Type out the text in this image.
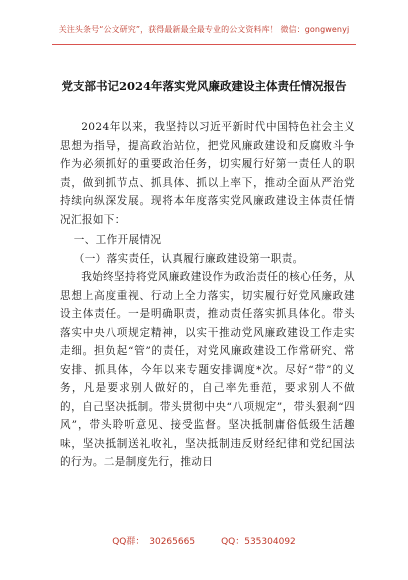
关注头条号“公文研究”，获得最新最全最专业的公文资料库！ 微信：gongwenyj
党支部书记2024年落实党风廉政建设主体责任情况报告

2024年以来，我坚持以习近平新时代中国特色社会主义思想为指导，提高政治站位，把党风廉政建设和反腐败斗争作为必须抓好的重要政治任务，切实履行好第一责任人的职责，做到抓节点、抓具体、抓以上率下，推动全面从严治党持续向纵深发展。现将本年度落实党风廉政建设主体责任情况汇报如下：

一、工作开展情况

（一）落实责任，认真履行廉政建设第一职责。

我始终坚持将党风廉政建设作为政治责任的核心任务，从思想上高度重视、行动上全力落实，切实履行好党风廉政建设主体责任。一是明确职责，推动责任落实抓具体化。带头落实中央八项规定精神，以实干推动党风廉政建设工作走实走细。担负起“管”的责任，对党风廉政建设工作常研究、常安排、抓具体，今年以来专题安排调度*次。尽好“带”的义务，凡是要求别人做好的，自己率先垂范，要求别人不做的，自己坚决抵制。带头贯彻中央“八项规定”，带头狠刹“四风”，带头聆听意见、接受监督。坚决抵制庸俗低级生活趣味，坚决抵制送礼收礼，坚决抵制违反财经纪律和党纪国法的行为。二是制度先行，推动日

QQ群： 30265665	QQ：535304092
